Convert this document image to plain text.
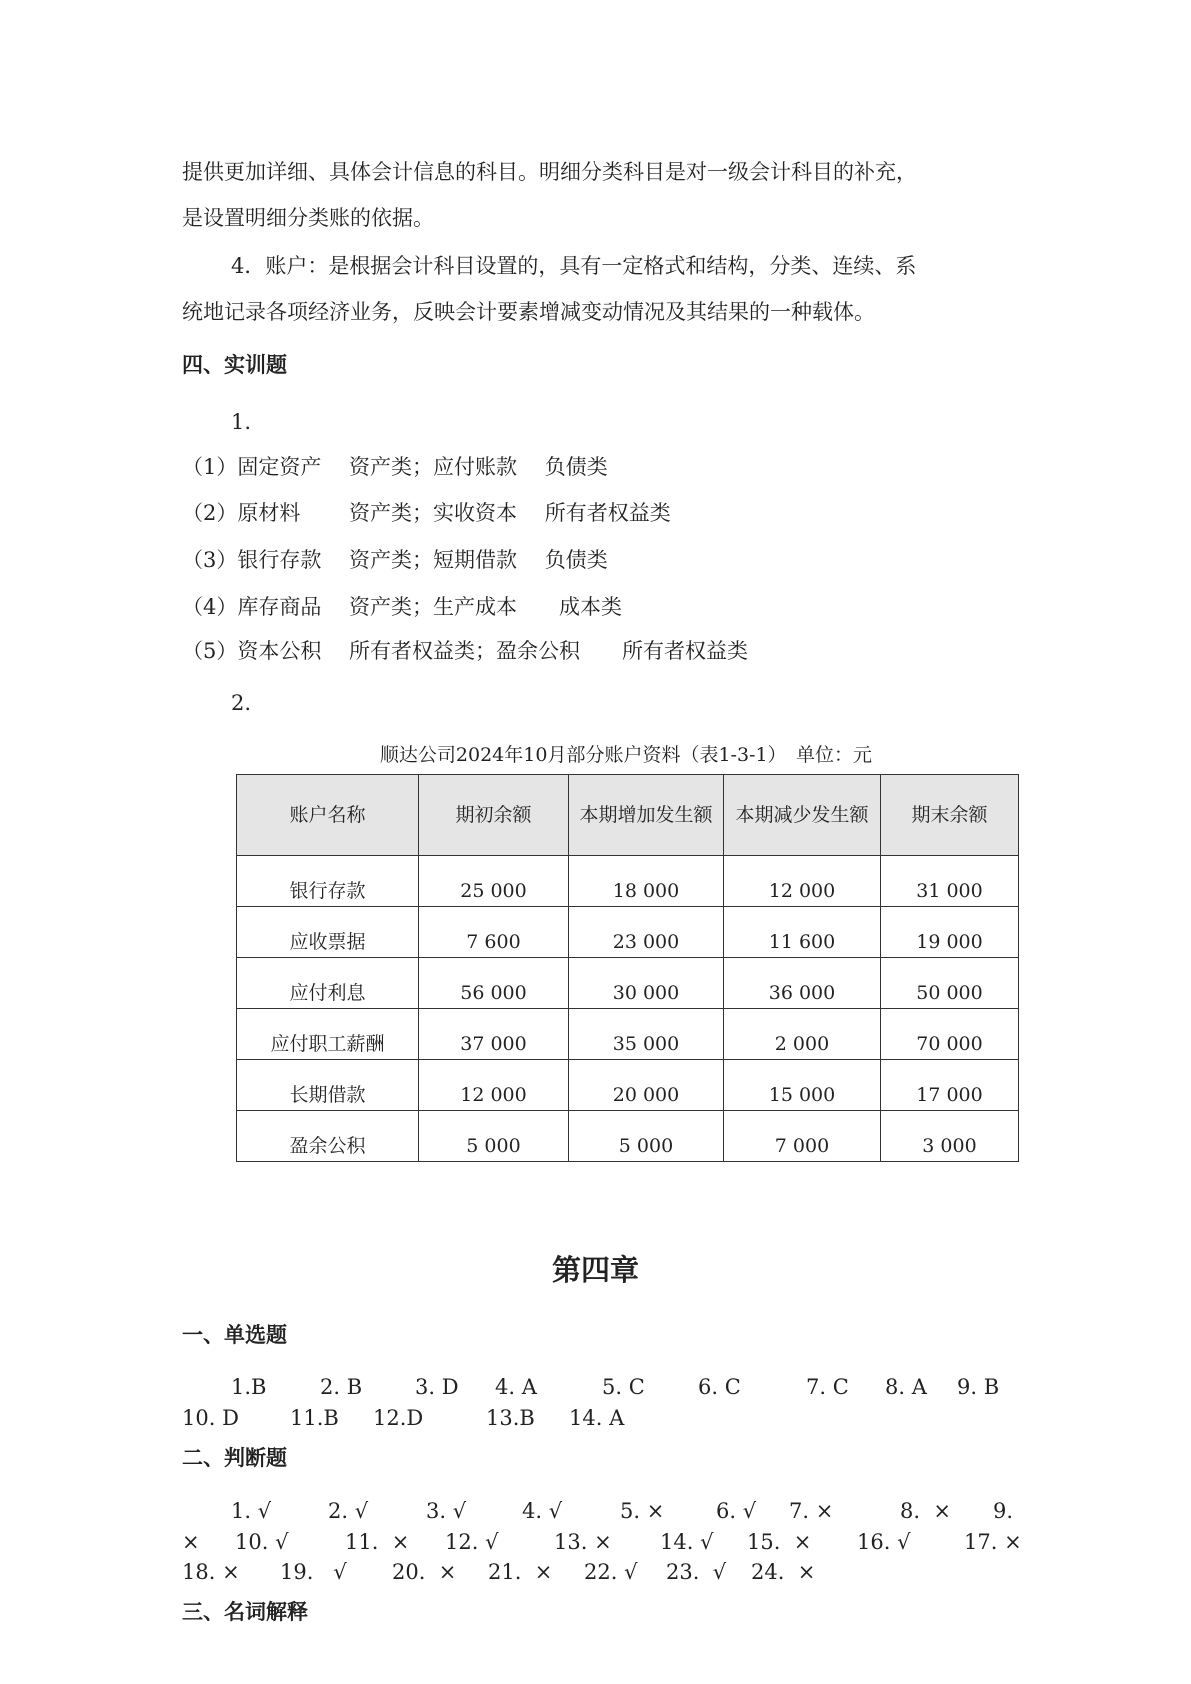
提供更加详细、具体会计信息的科目。明细分类科目是对一级会计科目的补充，
是设置明细分类账的依据。
4．账户：是根据会计科目设置的，具有一定格式和结构，分类、连续、系
统地记录各项经济业务，反映会计要素增减变动情况及其结果的一种载体。
四、实训题
1.
（1）固定资产　 资产类；应付账款　 负债类
（2）原材料　　 资产类；实收资本　 所有者权益类
（3）银行存款　 资产类；短期借款　 负债类
（4）库存商品　 资产类；生产成本　　成本类
（5）资本公积　 所有者权益类；盈余公积　　所有者权益类
2.
顺达公司2024年10月部分账户资料（表1-3-1）　单位：元
账户名称	期初余额	本期增加发生额	本期减少发生额	期末余额
银行存款	25 000	18 000	12 000	31 000
应收票据	7 600	23 000	11 600	19 000
应付利息	56 000	30 000	36 000	50 000
应付职工薪酬	37 000	35 000	2 000	70 000
长期借款	12 000	20 000	15 000	17 000
盈余公积	5 000	5 000	7 000	3 000
第四章
一、单选题
1.B	2. B	3. D 4. A	5. C	6. C	7. C 8. A 9. B
10. D 11.B 12.D	13.B 14. A
二、判断题
1. √	2. √	3. √	4. √	5. × 6. √ 7. ×	8.  × 9.
× 10. √	11.  × 12. √	13. × 14. √ 15.  × 16. √	17. ×
18. × 19.   √ 20.  × 21.  × 22. √ 23.  √ 24.  ×
三、名词解释
